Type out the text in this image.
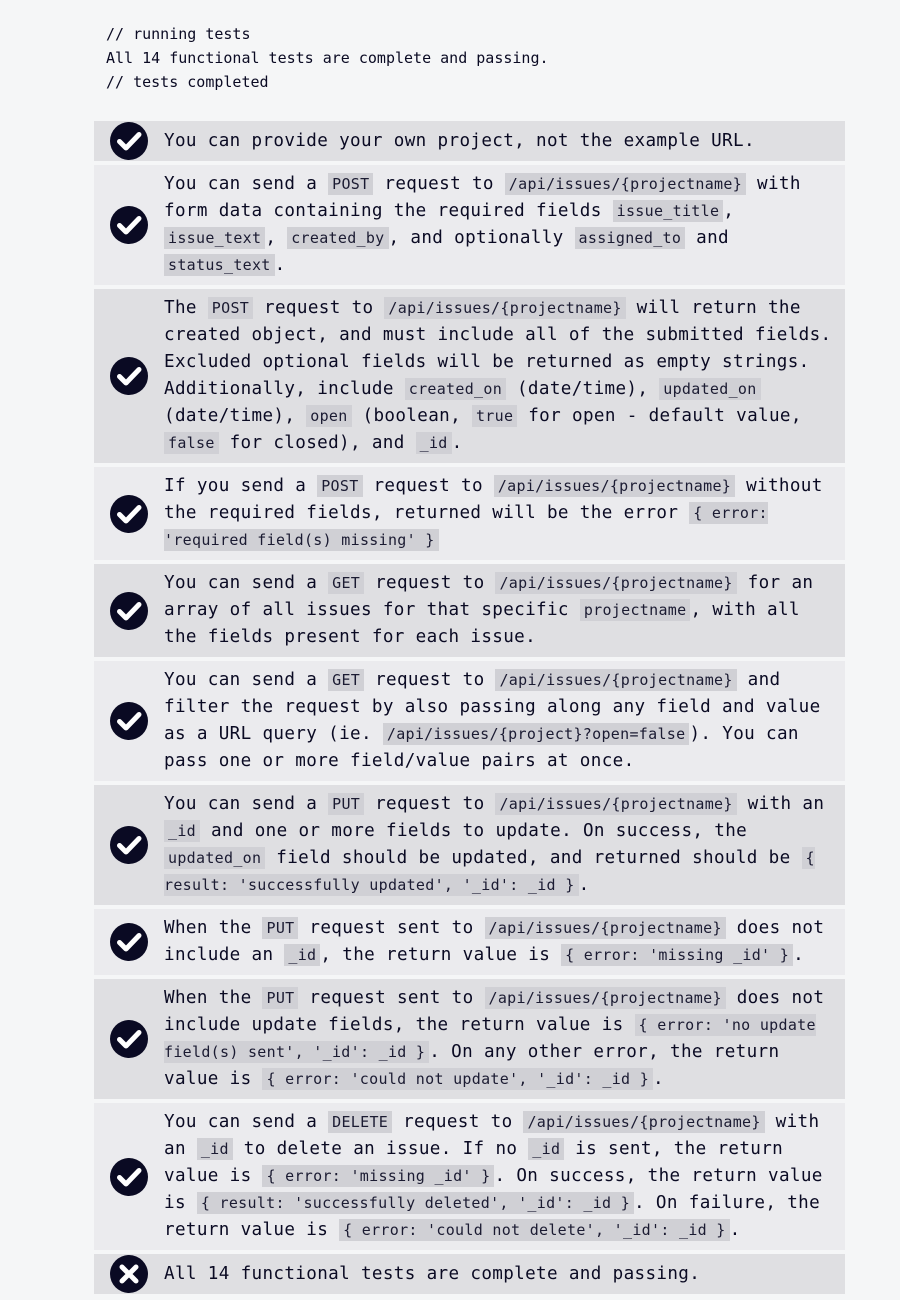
// running tests
All 14 functional tests are complete and passing.
// tests completed
You can provide your own project, not the example URL.
You can send a POST request to /api/issues/{projectname} with form data containing the required fields issue_title , issue_text , created_by , and optionally assigned_to and status_text .
The POST request to /api/issues/{projectname} will return the created object, and must include all of the submitted fields. Excluded optional fields will be returned as empty strings. Additionally, include created_on (date/time), updated_on (date/time), open (boolean, true for open - default value, false for closed), and _id .
If you send a POST request to /api/issues/{projectname} without the required fields, returned will be the error { error: 'required field(s) missing' }
You can send a GET request to /api/issues/{projectname} for an array of all issues for that specific projectname , with all the fields present for each issue.
You can send a GET request to /api/issues/{projectname} and filter the request by also passing along any field and value as a URL query (ie. /api/issues/{project}?open=false ). You can pass one or more field/value pairs at once.
You can send a PUT request to /api/issues/{projectname} with an _id and one or more fields to update. On success, the updated_on field should be updated, and returned should be { result: 'successfully updated', '_id': _id } .
When the PUT request sent to /api/issues/{projectname} does not include an _id , the return value is { error: 'missing _id' } .
When the PUT request sent to /api/issues/{projectname} does not include update fields, the return value is { error: 'no update field(s) sent', '_id': _id } . On any other error, the return value is { error: 'could not update', '_id': _id } .
You can send a DELETE request to /api/issues/{projectname} with an _id to delete an issue. If no _id is sent, the return value is { error: 'missing _id' } . On success, the return value is { result: 'successfully deleted', '_id': _id } . On failure, the return value is { error: 'could not delete', '_id': _id } .
All 14 functional tests are complete and passing.
